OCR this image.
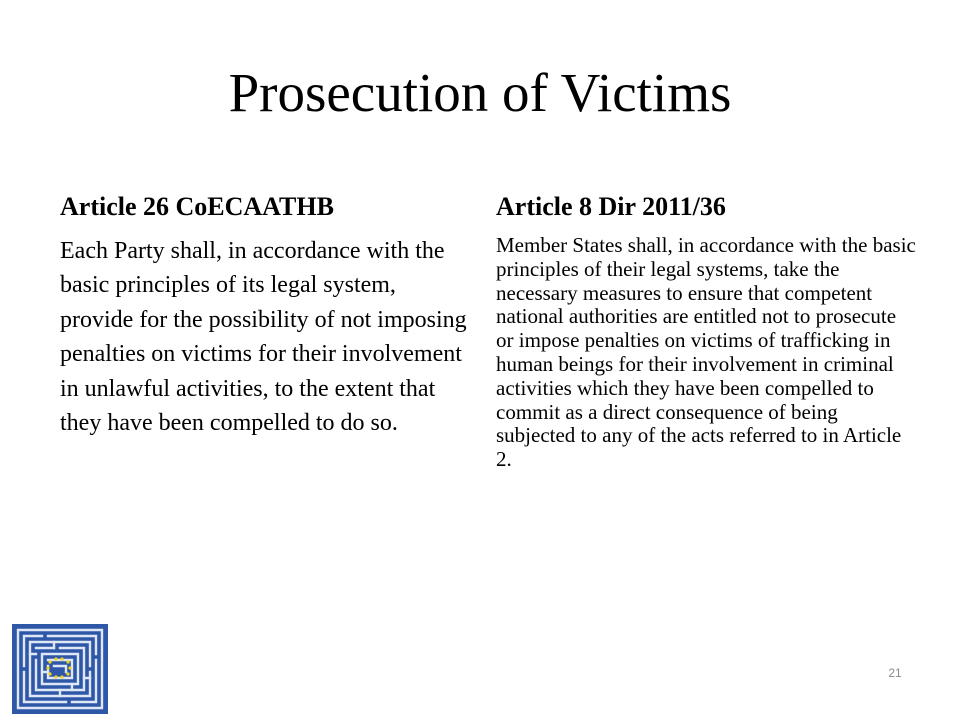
Prosecution of Victims

Article 26 CoECAATHB

Each Party shall, in accordance with the basic principles of its legal system, provide for the possibility of not imposing penalties on victims for their involvement in unlawful activities, to the extent that they have been compelled to do so.

Article 8 Dir 2011/36

Member States shall, in accordance with the basic principles of their legal systems, take the necessary measures to ensure that competent national authorities are entitled not to prosecute or impose penalties on victims of trafficking in human beings for their involvement in criminal activities which they have been compelled to commit as a direct consequence of being subjected to any of the acts referred to in Article 2.

21
